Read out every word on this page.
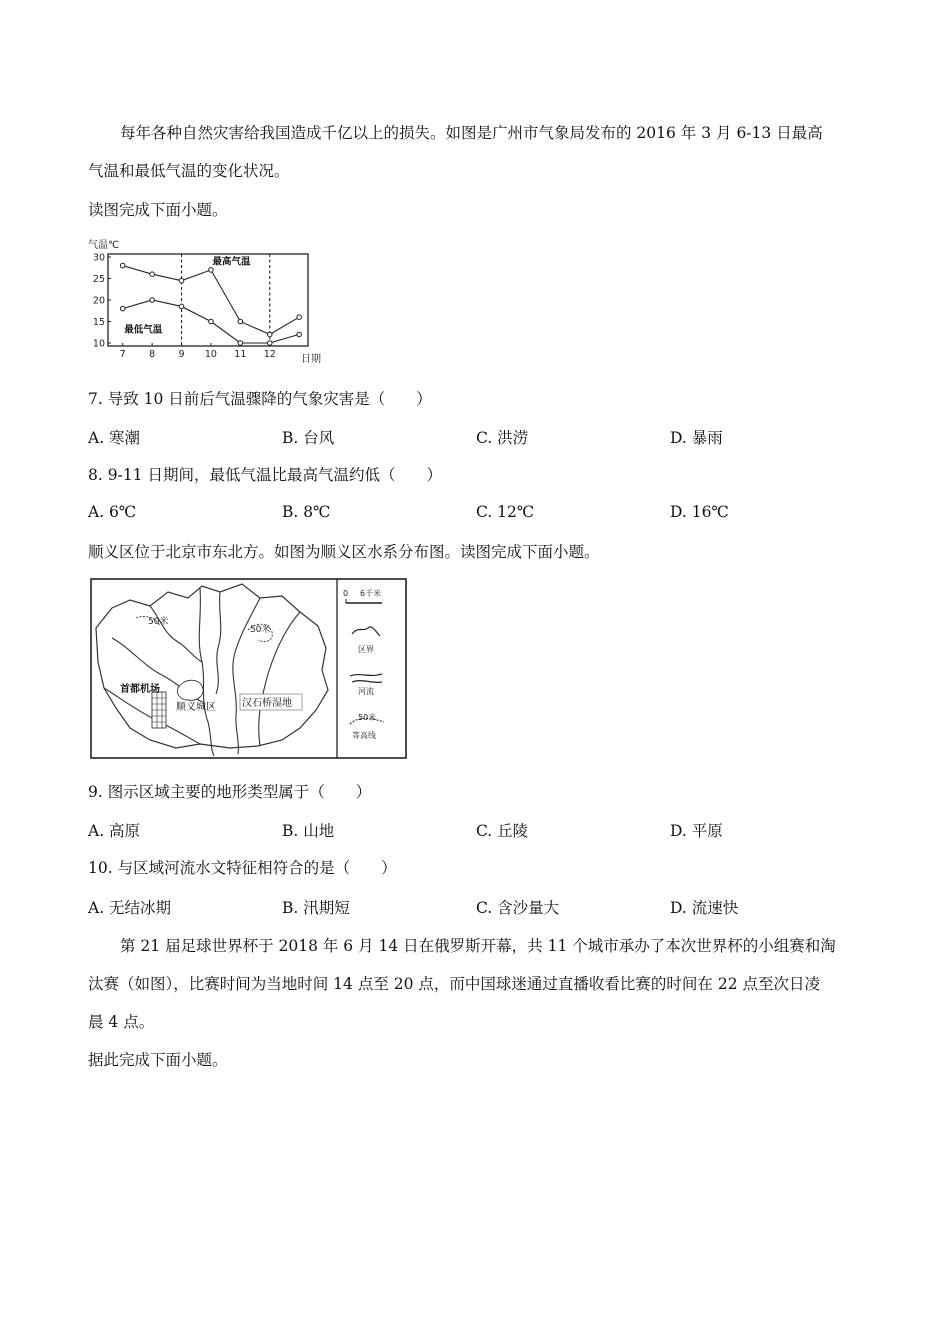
每年各种自然灾害给我国造成千亿以上的损失。如图是广州市气象局发布的 2016 年 3 月 6-13 日最高
气温和最低气温的变化状况。
读图完成下面小题。
气温℃
日期
10
15
20
25
30
7 8 9 10 11 12
最高气温
最低气温
7. 导致 10 日前后气温骤降的气象灾害是（　　）
A. 寒潮	B. 台风	C. 洪涝	D. 暴雨
8. 9-11 日期间，最低气温比最高气温约低（　　）
A. 6℃	B. 8℃	C. 12℃	D. 16℃
顺义区位于北京市东北方。如图为顺义区水系分布图。读图完成下面小题。
50米
50米
首都机场
顺义城区	汉石桥湿地
0 6千米
区界
河流
50米
等高线
9. 图示区域主要的地形类型属于（　　）
A. 高原	B. 山地	C. 丘陵	D. 平原
10. 与区域河流水文特征相符合的是（　　）
A. 无结冰期	B. 汛期短	C. 含沙量大	D. 流速快
第 21 届足球世界杯于 2018 年 6 月 14 日在俄罗斯开幕，共 11 个城市承办了本次世界杯的小组赛和淘
汰赛（如图），比赛时间为当地时间 14 点至 20 点，而中国球迷通过直播收看比赛的时间在 22 点至次日凌
晨 4 点。
据此完成下面小题。
